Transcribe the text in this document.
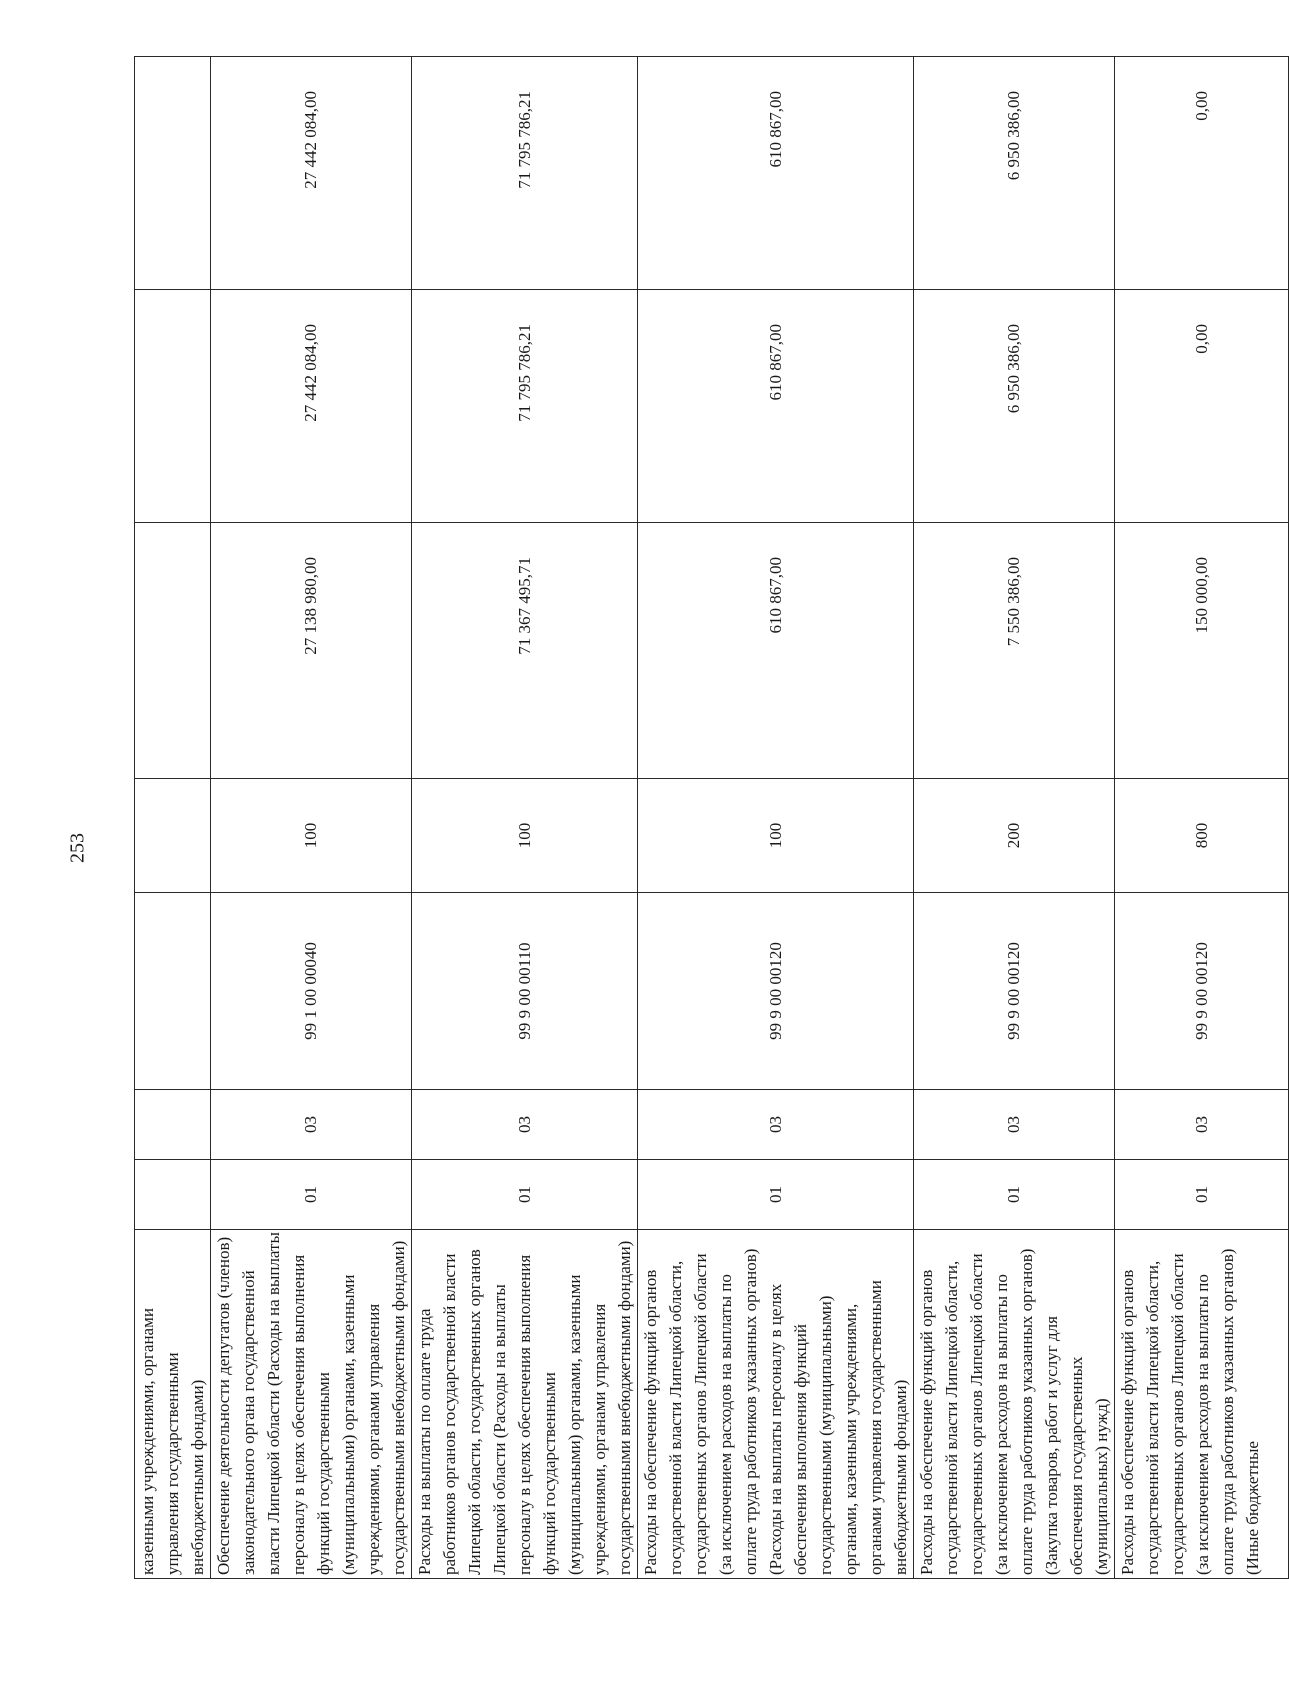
253
казенными учреждениями, органами управления государственными внебюджетными фондами)							

Обеспечение деятельности депутатов (членов) законодательного органа государственной власти Липецкой области (Расходы на выплаты персоналу в целях обеспечения выполнения функций государственными (муниципальными) органами, казенными учреждениями, органами управления государственными внебюджетными фондами)	01	03	99 1 00 00040	100	27 138 980,00	27 442 084,00	27 442 084,00

Расходы на выплаты по оплате труда работников органов государственной власти Липецкой области, государственных органов Липецкой области (Расходы на выплаты персоналу в целях обеспечения выполнения функций государственными (муниципальными) органами, казенными учреждениями, органами управления государственными внебюджетными фондами)	01	03	99 9 00 00110	100	71 367 495,71	71 795 786,21	71 795 786,21

Расходы на обеспечение функций органов государственной власти Липецкой области, государственных органов Липецкой области (за исключением расходов на выплаты по оплате труда работников указанных органов) (Расходы на выплаты персоналу в целях обеспечения выполнения функций государственными (муниципальными) органами, казенными учреждениями, органами управления государственными внебюджетными фондами)	01	03	99 9 00 00120	100	610 867,00	610 867,00	610 867,00

Расходы на обеспечение функций органов государственной власти Липецкой области, государственных органов Липецкой области (за исключением расходов на выплаты по оплате труда работников указанных органов) (Закупка товаров, работ и услуг для обеспечения государственных (муниципальных) нужд)	01	03	99 9 00 00120	200	7 550 386,00	6 950 386,00	6 950 386,00

Расходы на обеспечение функций органов государственной власти Липецкой области, государственных органов Липецкой области (за исключением расходов на выплаты по оплате труда работников указанных органов) (Иные бюджетные	01	03	99 9 00 00120	800	150 000,00	0,00	0,00
